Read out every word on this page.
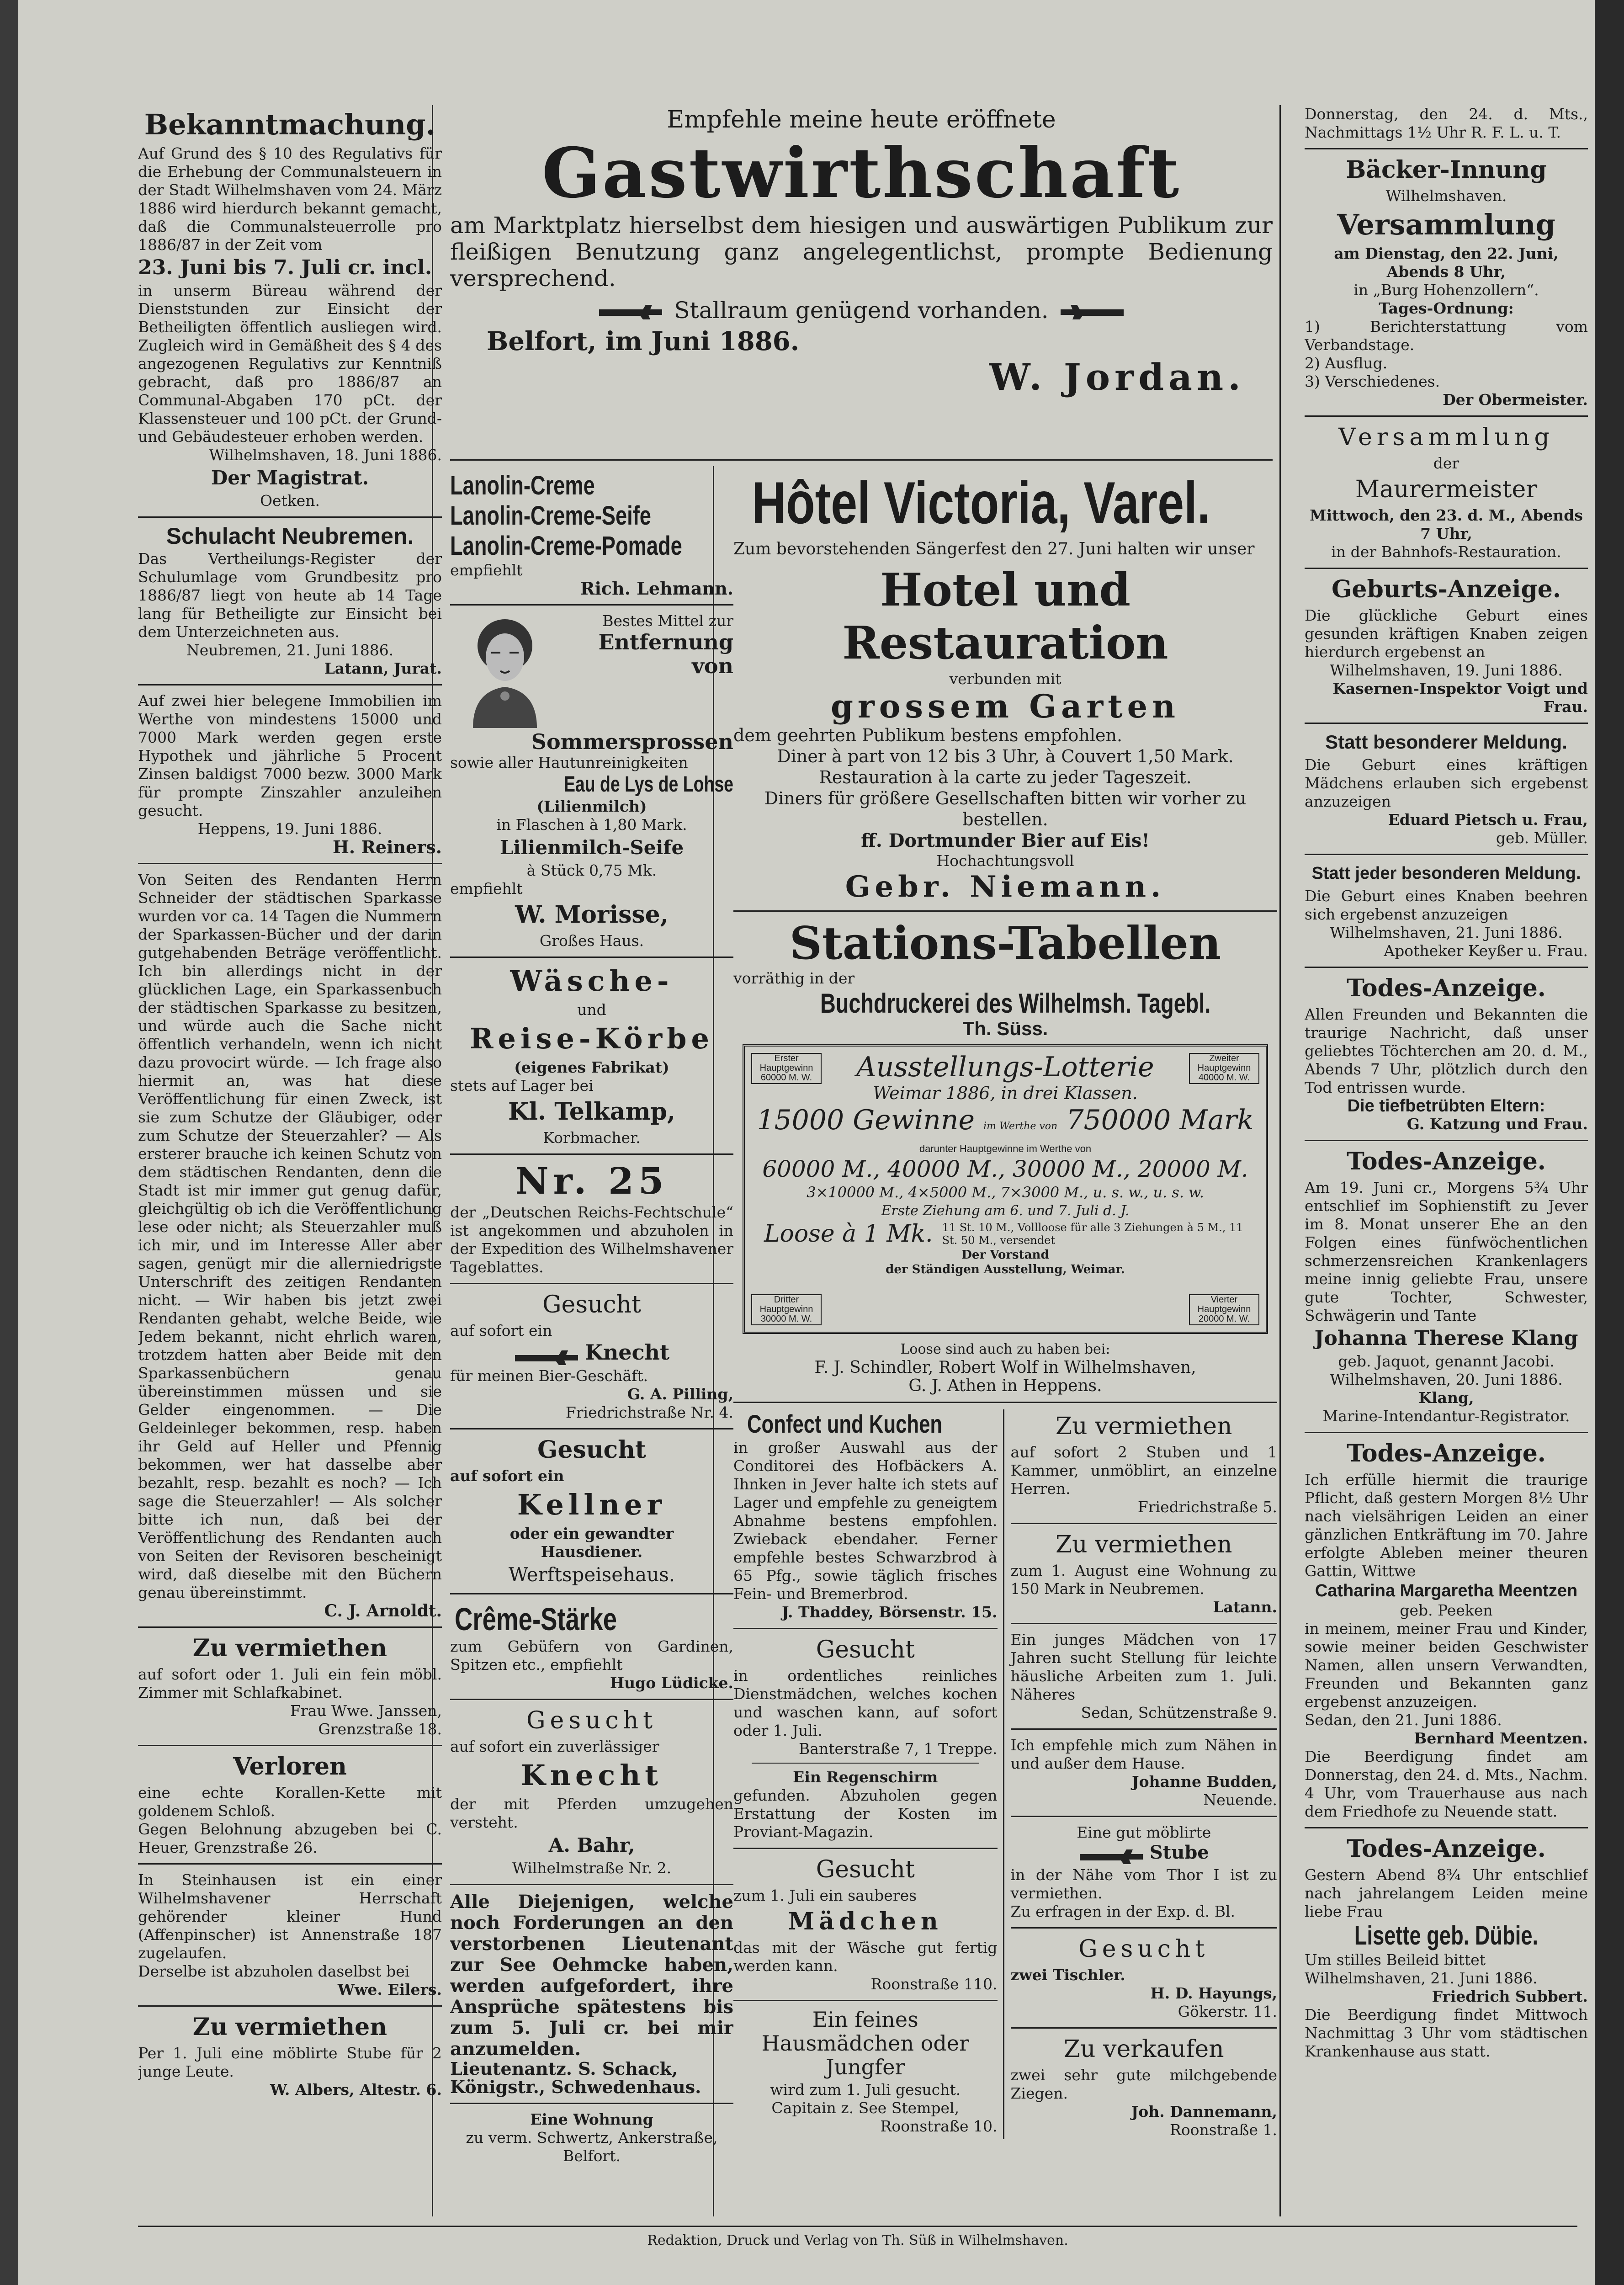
Bekanntmachung.

Auf Grund des § 10 des Regulativs für die Erhebung der Communalsteuern in der Stadt Wilhelmshaven vom 24. März 1886 wird hierdurch bekannt gemacht, daß die Communalsteuerrolle pro 1886/87 in der Zeit vom

23. Juni bis 7. Juli cr. incl.

in unserm Büreau während der Dienststunden zur Einsicht der Betheiligten öffentlich ausliegen wird. Zugleich wird in Gemäßheit des § 4 des angezogenen Regulativs zur Kenntniß gebracht, daß pro 1886/87 an Communal-Abgaben 170 pCt. der Klassensteuer und 100 pCt. der Grund- und Gebäudesteuer erhoben werden.

Wilhelmshaven, 18. Juni 1886.

Der Magistrat.

Oetken.

Schulacht Neubremen.

Das Vertheilungs-Register der Schulumlage vom Grundbesitz pro 1886/87 liegt von heute ab 14 Tage lang für Betheiligte zur Einsicht bei dem Unterzeichneten aus.

Neubremen, 21. Juni 1886.

Latann, Jurat.

Auf zwei hier belegene Immobilien im Werthe von mindestens 15000 und 7000 Mark werden gegen erste Hypothek und jährliche 5 Procent Zinsen baldigst 7000 bezw. 3000 Mark für prompte Zinszahler anzuleihen gesucht.

Heppens, 19. Juni 1886.

H. Reiners.

Von Seiten des Rendanten Herrn Schneider der städtischen Sparkasse wurden vor ca. 14 Tagen die Nummern der Sparkassen-Bücher und der darin gutgehabenden Beträge veröffentlicht. Ich bin allerdings nicht in der glücklichen Lage, ein Sparkassenbuch der städtischen Sparkasse zu besitzen, und würde auch die Sache nicht öffentlich verhandeln, wenn ich nicht dazu provocirt würde. — Ich frage also hiermit an, was hat diese Veröffentlichung für einen Zweck, ist sie zum Schutze der Gläubiger, oder zum Schutze der Steuerzahler? — Als ersterer brauche ich keinen Schutz von dem städtischen Rendanten, denn die Stadt ist mir immer gut genug dafür, gleichgültig ob ich die Veröffentlichung lese oder nicht; als Steuerzahler muß ich mir, und im Interesse Aller aber sagen, genügt mir die allerniedrigste Unterschrift des zeitigen Rendanten nicht. — Wir haben bis jetzt zwei Rendanten gehabt, welche Beide, wie Jedem bekannt, nicht ehrlich waren, trotzdem hatten aber Beide mit den Sparkassenbüchern genau übereinstimmen müssen und sie Gelder eingenommen. — Die Geldeinleger bekommen, resp. haben ihr Geld auf Heller und Pfennig bekommen, wer hat dasselbe aber bezahlt, resp. bezahlt es noch? — Ich sage die Steuerzahler! — Als solcher bitte ich nun, daß bei der Veröffentlichung des Rendanten auch von Seiten der Revisoren bescheinigt wird, daß dieselbe mit den Büchern genau übereinstimmt.

C. J. Arnoldt.

Zu vermiethen

auf sofort oder 1. Juli ein fein möbl. Zimmer mit Schlafkabinet.

Frau Wwe. Janssen,

Grenzstraße 18.

Verloren

eine echte Korallen-Kette mit goldenem Schloß.

Gegen Belohnung abzugeben bei C. Heuer, Grenzstraße 26.

In Steinhausen ist ein einer Wilhelmshavener Herrschaft gehörender kleiner Hund (Affenpinscher) ist Annenstraße 187 zugelaufen.

Derselbe ist abzuholen daselbst bei

Wwe. Eilers.

Zu vermiethen

Per 1. Juli eine möblirte Stube für 2 junge Leute.

W. Albers, Altestr. 6.

Empfehle meine heute eröffnete
Gastwirthschaft

am Marktplatz hierselbst dem hiesigen und auswärtigen Publikum zur fleißigen Benutzung ganz angelegentlichst, prompte Bedienung versprechend.

Stallraum genügend vorhanden.
Belfort, im Juni 1886.
W. Jordan.
Lanolin-Creme
Lanolin-Creme-Seife
Lanolin-Creme-Pomade

empfiehlt

Rich. Lehmann.

Bestes Mittel zur

Entfernung von Sommersprossen

sowie aller Hautunreinigkeiten

Eau de Lys de Lohse

(Lilienmilch)

in Flaschen à 1,80 Mark.

Lilienmilch-Seife

à Stück 0,75 Mk.

empfiehlt

W. Morisse,

Großes Haus.

Wäsche-

und

Reise-Körbe

(eigenes Fabrikat)

stets auf Lager bei

Kl. Telkamp,

Korbmacher.

Nr. 25

der „Deutschen Reichs-Fechtschule“ ist angekommen und abzuholen in der Expedition des Wilhelmshavener Tageblattes.

Gesucht

auf sofort ein

Knecht

für meinen Bier-Geschäft.

G. A. Pilling,

Friedrichstraße Nr. 4.

Gesucht

auf sofort ein

Kellner

oder ein gewandter

Hausdiener.

Werftspeisehaus.
Crême-Stärke

zum Gebüfern von Gardinen, Spitzen etc., empfiehlt

Hugo Lüdicke.

Gesucht

auf sofort ein zuverlässiger

Knecht

der mit Pferden umzugehen versteht.

A. Bahr,

Wilhelmstraße Nr. 2.

Alle Diejenigen, welche noch Forderungen an den verstorbenen Lieutenant zur See Oehmcke haben, werden aufgefordert, ihre Ansprüche spätestens bis zum 5. Juli cr. bei mir anzumelden.

Lieutenantz. S. Schack,

Königstr., Schwedenhaus.

Eine Wohnung

zu verm. Schwertz, Ankerstraße, Belfort.

Hôtel Victoria, Varel.

Zum bevorstehenden Sängerfest den 27. Juni halten wir unser

Hotel und Restauration

verbunden mit

grossem Garten

dem geehrten Publikum bestens empfohlen.

Diner à part von 12 bis 3 Uhr, à Couvert 1,50 Mark.

Restauration à la carte zu jeder Tageszeit.

Diners für größere Gesellschaften bitten wir vorher zu bestellen.

ff. Dortmunder Bier auf Eis!

Hochachtungsvoll

Gebr. Niemann.
Stations-Tabellen

vorräthig in der

Buchdruckerei des Wilhelmsh. Tagebl.

Th. Süss.

Erster Hauptgewinn 60000 M. W.
Zweiter Hauptgewinn 40000 M. W.
Dritter Hauptgewinn 30000 M. W.
Vierter Hauptgewinn 20000 M. W.
Ausstellungs-Lotterie
Weimar 1886, in drei Klassen.
15000 Gewinne im Werthe von 750000 Mark
darunter Hauptgewinne im Werthe von
60000 M., 40000 M., 30000 M., 20000 M.
3×10000 M., 4×5000 M., 7×3000 M., u. s. w., u. s. w.
Erste Ziehung am 6. und 7. Juli d. J.
Loose à 1 Mk. 11 St. 10 M., Vollloose für alle 3 Ziehungen à 5 M., 11 St. 50 M., versendet
Der Vorstand
der Ständigen Ausstellung, Weimar.

Loose sind auch zu haben bei:

F. J. Schindler, Robert Wolf in Wilhelmshaven,

G. J. Athen in Heppens.

Confect und Kuchen

in großer Auswahl aus der Conditorei des Hofbäckers A. Ihnken in Jever halte ich stets auf Lager und empfehle zu geneigtem Abnahme bestens empfohlen. Zwieback ebendaher. Ferner empfehle bestes Schwarzbrod à 65 Pfg., sowie täglich frisches Fein- und Bremerbrod.

J. Thaddey, Börsenstr. 15.

Gesucht

in ordentliches reinliches Dienstmädchen, welches kochen und waschen kann, auf sofort oder 1. Juli.

Banterstraße 7, 1 Treppe.

Ein Regenschirm

gefunden. Abzuholen gegen Erstattung der Kosten im Proviant-Magazin.

Gesucht

zum 1. Juli ein sauberes

Mädchen

das mit der Wäsche gut fertig werden kann.

Roonstraße 110.

Ein feines Hausmädchen oder Jungfer

wird zum 1. Juli gesucht.

Capitain z. See Stempel,

Roonstraße 10.

Zu vermiethen

auf sofort 2 Stuben und 1 Kammer, unmöblirt, an einzelne Herren.

Friedrichstraße 5.

Zu vermiethen

zum 1. August eine Wohnung zu 150 Mark in Neubremen.

Latann.

Ein junges Mädchen von 17 Jahren sucht Stellung für leichte häusliche Arbeiten zum 1. Juli. Näheres

Sedan, Schützenstraße 9.

Ich empfehle mich zum Nähen in und außer dem Hause.

Johanne Budden,

Neuende.

Eine gut möblirte

Stube

in der Nähe vom Thor I ist zu vermiethen.

Zu erfragen in der Exp. d. Bl.

Gesucht

zwei Tischler.

H. D. Hayungs,

Gökerstr. 11.

Zu verkaufen

zwei sehr gute milchgebende Ziegen.

Joh. Dannemann,

Roonstraße 1.

Donnerstag, den 24. d. Mts., Nachmittags 1½ Uhr R. F. L. u. T.

Bäcker-Innung

Wilhelmshaven.

Versammlung

am Dienstag, den 22. Juni, Abends 8 Uhr,

in „Burg Hohenzollern“.

Tages-Ordnung:

1) Berichterstattung vom Verbandstage.

2) Ausflug.

3) Verschiedenes.

Der Obermeister.

Versammlung

der

Maurermeister

Mittwoch, den 23. d. M., Abends 7 Uhr,

in der Bahnhofs-Restauration.

Geburts-Anzeige.

Die glückliche Geburt eines gesunden kräftigen Knaben zeigen hierdurch ergebenst an

Wilhelmshaven, 19. Juni 1886.

Kasernen-Inspektor Voigt und Frau.

Statt besonderer Meldung.

Die Geburt eines kräftigen Mädchens erlauben sich ergebenst anzuzeigen

Eduard Pietsch u. Frau,

geb. Müller.

Statt jeder besonderen Meldung.

Die Geburt eines Knaben beehren sich ergebenst anzuzeigen

Wilhelmshaven, 21. Juni 1886.

Apotheker Keyßer u. Frau.

Todes-Anzeige.

Allen Freunden und Bekannten die traurige Nachricht, daß unser geliebtes Töchterchen am 20. d. M., Abends 7 Uhr, plötzlich durch den Tod entrissen wurde.

Die tiefbetrübten Eltern:

G. Katzung und Frau.

Todes-Anzeige.

Am 19. Juni cr., Morgens 5¾ Uhr entschlief im Sophienstift zu Jever im 8. Monat unserer Ehe an den Folgen eines fünfwöchentlichen schmerzensreichen Krankenlagers meine innig geliebte Frau, unsere gute Tochter, Schwester, Schwägerin und Tante

Johanna Therese Klang

geb. Jaquot, genannt Jacobi.

Wilhelmshaven, 20. Juni 1886.

Klang,

Marine-Intendantur-Registrator.

Todes-Anzeige.

Ich erfülle hiermit die traurige Pflicht, daß gestern Morgen 8½ Uhr nach vielsährigen Leiden an einer gänzlichen Entkräftung im 70. Jahre erfolgte Ableben meiner theuren Gattin, Wittwe

Catharina Margaretha Meentzen

geb. Peeken

in meinem, meiner Frau und Kinder, sowie meiner beiden Geschwister Namen, allen unsern Verwandten, Freunden und Bekannten ganz ergebenst anzuzeigen.

Sedan, den 21. Juni 1886.

Bernhard Meentzen.

Die Beerdigung findet am Donnerstag, den 24. d. Mts., Nachm. 4 Uhr, vom Trauerhause aus nach dem Friedhofe zu Neuende statt.

Todes-Anzeige.

Gestern Abend 8¾ Uhr entschlief nach jahrelangem Leiden meine liebe Frau

Lisette geb. Dübie.

Um stilles Beileid bittet

Wilhelmshaven, 21. Juni 1886.

Friedrich Subbert.

Die Beerdigung findet Mittwoch Nachmittag 3 Uhr vom städtischen Krankenhause aus statt.

Redaktion, Druck und Verlag von Th. Süß in Wilhelmshaven.
